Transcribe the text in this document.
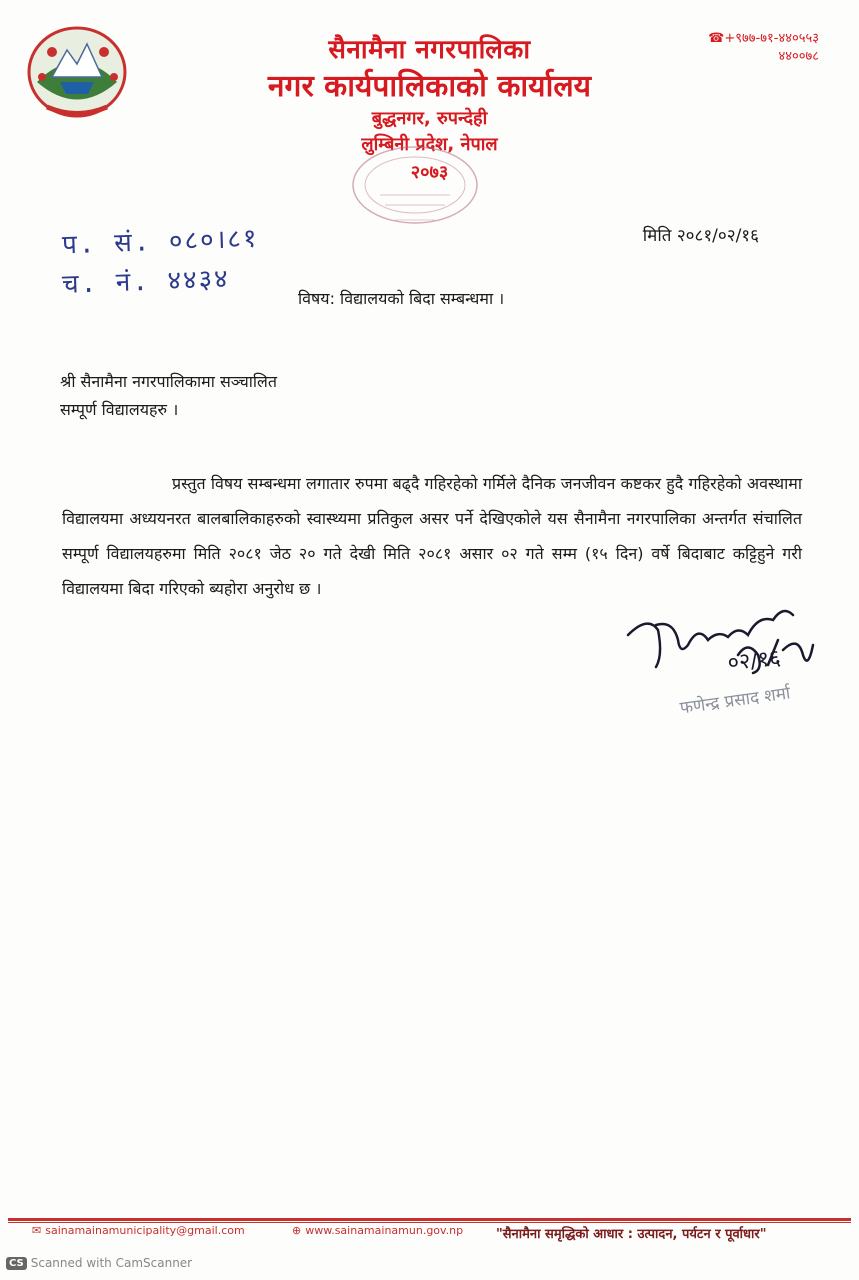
सैनामैना नगरपालिका
नगर कार्यपालिकाको कार्यालय
बुद्धनगर, रुपन्देही
लुम्बिनी प्रदेश, नेपाल
२०७३
☎+९७७-७१-४४०५५३
४४००७८
प. सं. ०८०।८१
च. नं. ४४३४
मिति २०८१/०२/१६
विषय: विद्यालयको बिदा सम्बन्धमा ।
श्री सैनामैना नगरपालिकामा सञ्चालित
सम्पूर्ण विद्यालयहरु ।
प्रस्तुत विषय सम्बन्धमा लगातार रुपमा बढ्दै गहिरहेको गर्मिले दैनिक जनजीवन कष्टकर हुदै गहिरहेको अवस्थामा विद्यालयमा अध्ययनरत बालबालिकाहरुको स्वास्थ्यमा प्रतिकुल असर पर्ने देखिएकोले यस सैनामैना नगरपालिका अन्तर्गत संचालित सम्पूर्ण विद्यालयहरुमा मिति २०८१ जेठ २० गते देखी मिति २०८१ असार ०२ गते सम्म (१५ दिन) वर्षे बिदाबाट कट्टिहुने गरी विद्यालयमा बिदा गरिएको ब्यहोरा अनुरोध छ ।
फणेन्द्र प्रसाद शर्मा
०२/१६
✉ sainamainamunicipality@gmail.com	⊕ www.sainamainamun.gov.np	"सैनामैना समृद्धिको आधार : उत्पादन, पर्यटन र पूर्वाधार"
CS Scanned with CamScanner
